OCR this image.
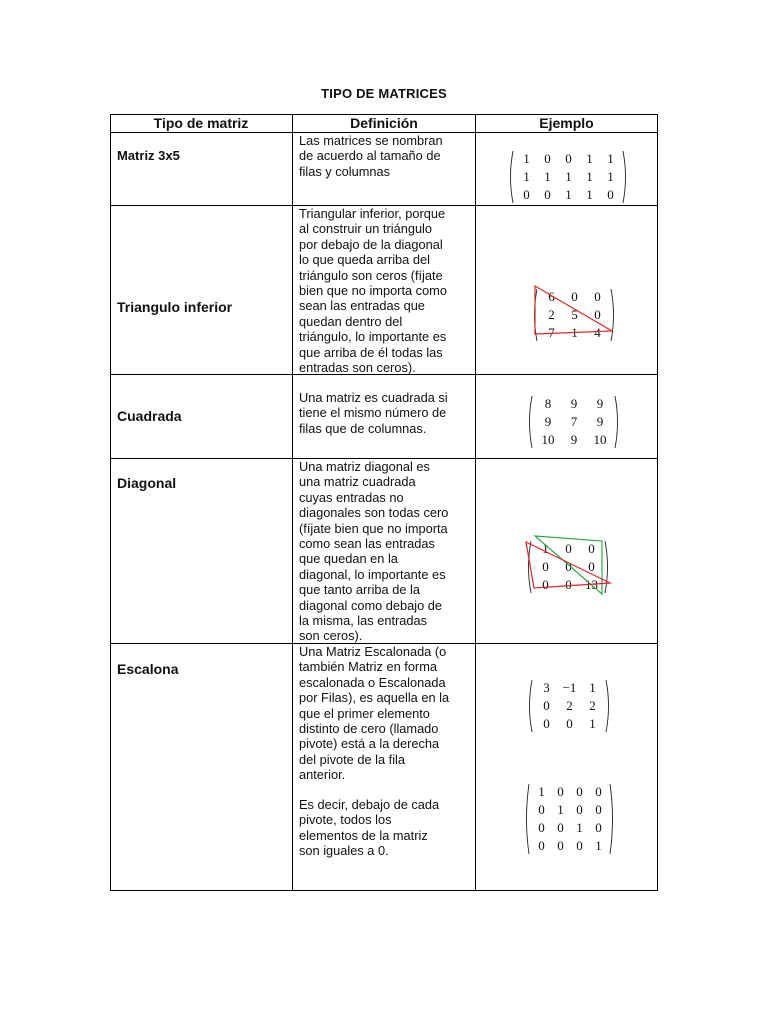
TIPO DE MATRICES
Tipo de matriz	Definición	Ejemplo
Matriz 3x5
Las matrices se nombran
de acuerdo al tamaño de
filas y columnas
1 0 0 1 1
1 1 1 1 1
0 0 1 1 0
Triangulo inferior
Triangular inferior, porque
al construir un triángulo
por debajo de la diagonal
lo que queda arriba del
triángulo son ceros (fíjate
bien que no importa como
sean las entradas que
quedan dentro del
triángulo, lo importante es
que arriba de él todas las
entradas son ceros).
6 0 0
2 5 0
7 1 4
Cuadrada
Una matriz es cuadrada si
tiene el mismo número de
filas que de columnas.
8 9 9
9 7 9
10 9 10
Diagonal
Una matriz diagonal es
una matriz cuadrada
cuyas entradas no
diagonales son todas cero
(fíjate bien que no importa
como sean las entradas
que quedan en la
diagonal, lo importante es
que tanto arriba de la
diagonal como debajo de
la misma, las entradas
son ceros).
1 0 0
0 0 0
0 0 13
Escalona
Una Matriz Escalonada (o
también Matriz en forma
escalonada o Escalonada
por Filas), es aquella en la
que el primer elemento
distinto de cero (llamado
pivote) está a la derecha
del pivote de la fila
anterior.
Es decir, debajo de cada
pivote, todos los
elementos de la matriz
son iguales a 0.
3 −1 1
0 2 2
0 0 1
1 0 0 0
0 1 0 0
0 0 1 0
0 0 0 1
